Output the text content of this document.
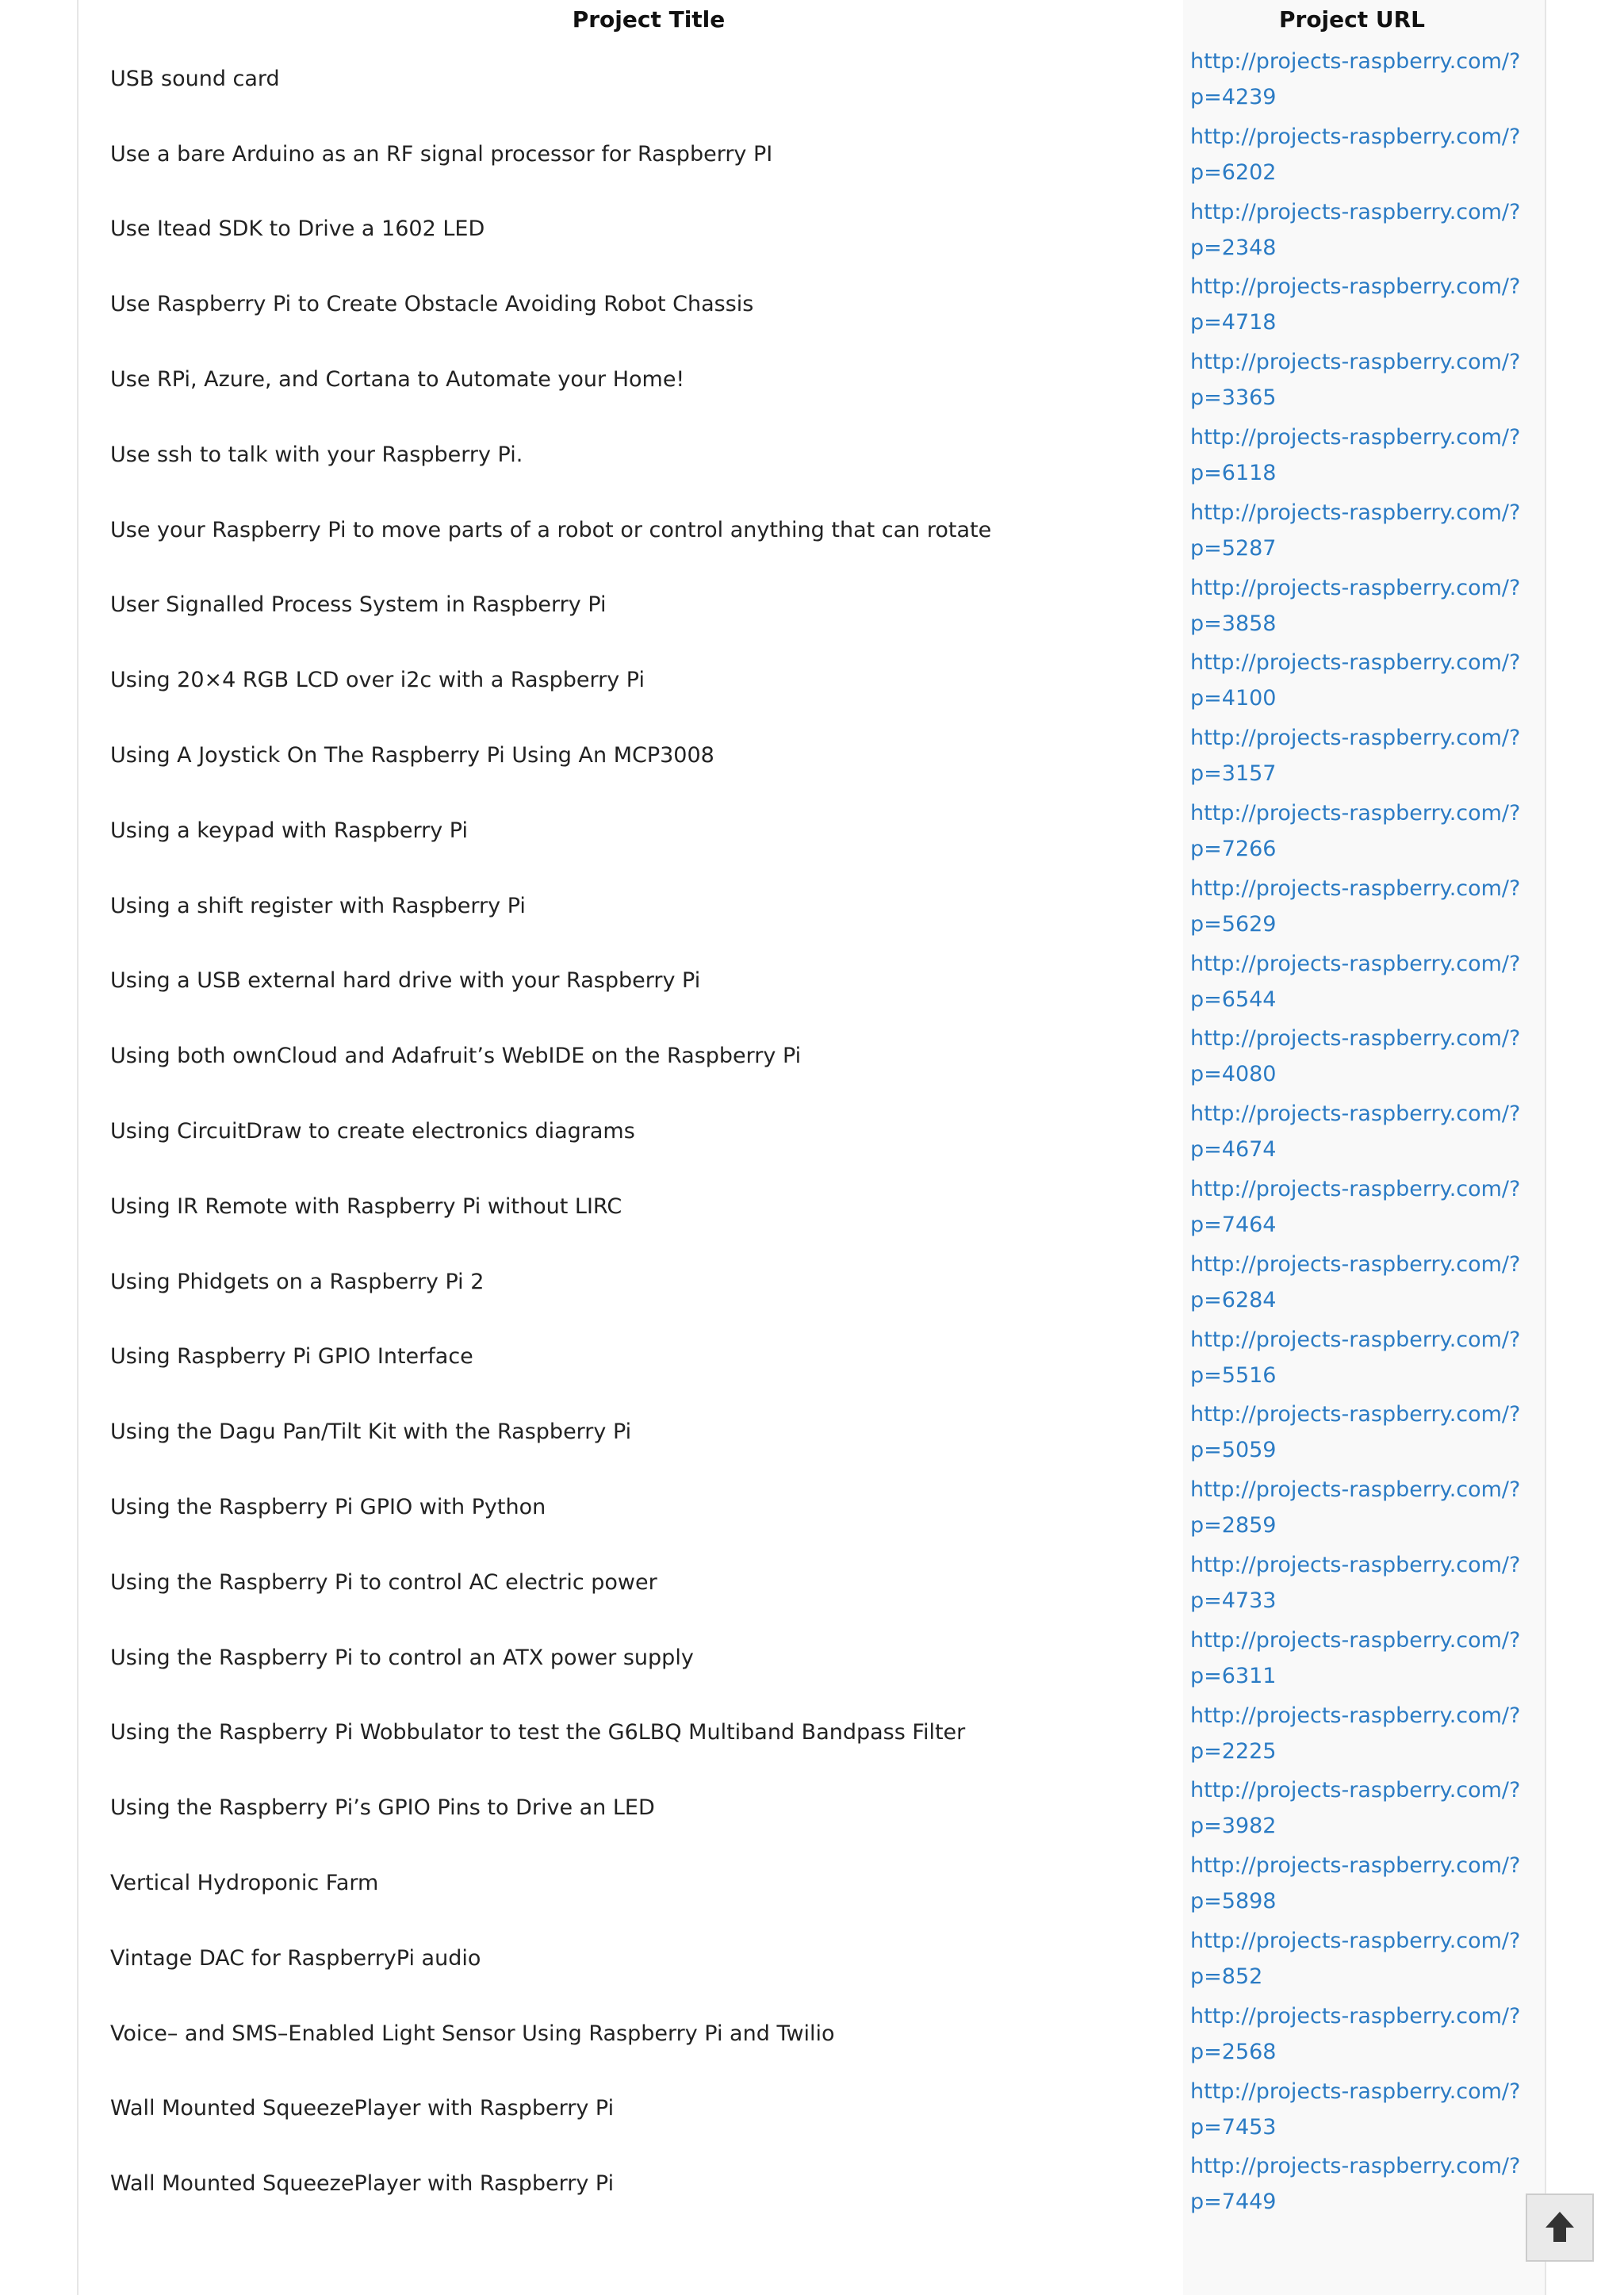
Project Title	Project URL
USB sound card
http://projects-raspberry.com/?p=4239
Use a bare Arduino as an RF signal processor for Raspberry PI
http://projects-raspberry.com/?p=6202
Use Itead SDK to Drive a 1602 LED
http://projects-raspberry.com/?p=2348
Use Raspberry Pi to Create Obstacle Avoiding Robot Chassis
http://projects-raspberry.com/?p=4718
Use RPi, Azure, and Cortana to Automate your Home!
http://projects-raspberry.com/?p=3365
Use ssh to talk with your Raspberry Pi.
http://projects-raspberry.com/?p=6118
Use your Raspberry Pi to move parts of a robot or control anything that can rotate
http://projects-raspberry.com/?p=5287
User Signalled Process System in Raspberry Pi
http://projects-raspberry.com/?p=3858
Using 20×4 RGB LCD over i2c with a Raspberry Pi
http://projects-raspberry.com/?p=4100
Using A Joystick On The Raspberry Pi Using An MCP3008
http://projects-raspberry.com/?p=3157
Using a keypad with Raspberry Pi
http://projects-raspberry.com/?p=7266
Using a shift register with Raspberry Pi
http://projects-raspberry.com/?p=5629
Using a USB external hard drive with your Raspberry Pi
http://projects-raspberry.com/?p=6544
Using both ownCloud and Adafruit’s WebIDE on the Raspberry Pi
http://projects-raspberry.com/?p=4080
Using CircuitDraw to create electronics diagrams
http://projects-raspberry.com/?p=4674
Using IR Remote with Raspberry Pi without LIRC
http://projects-raspberry.com/?p=7464
Using Phidgets on a Raspberry Pi 2
http://projects-raspberry.com/?p=6284
Using Raspberry Pi GPIO Interface
http://projects-raspberry.com/?p=5516
Using the Dagu Pan/Tilt Kit with the Raspberry Pi
http://projects-raspberry.com/?p=5059
Using the Raspberry Pi GPIO with Python
http://projects-raspberry.com/?p=2859
Using the Raspberry Pi to control AC electric power
http://projects-raspberry.com/?p=4733
Using the Raspberry Pi to control an ATX power supply
http://projects-raspberry.com/?p=6311
Using the Raspberry Pi Wobbulator to test the G6LBQ Multiband Bandpass Filter
http://projects-raspberry.com/?p=2225
Using the Raspberry Pi’s GPIO Pins to Drive an LED
http://projects-raspberry.com/?p=3982
Vertical Hydroponic Farm
http://projects-raspberry.com/?p=5898
Vintage DAC for RaspberryPi audio
http://projects-raspberry.com/?p=852
Voice– and SMS–Enabled Light Sensor Using Raspberry Pi and Twilio
http://projects-raspberry.com/?p=2568
Wall Mounted SqueezePlayer with Raspberry Pi
http://projects-raspberry.com/?p=7453
Wall Mounted SqueezePlayer with Raspberry Pi
http://projects-raspberry.com/?p=7449
